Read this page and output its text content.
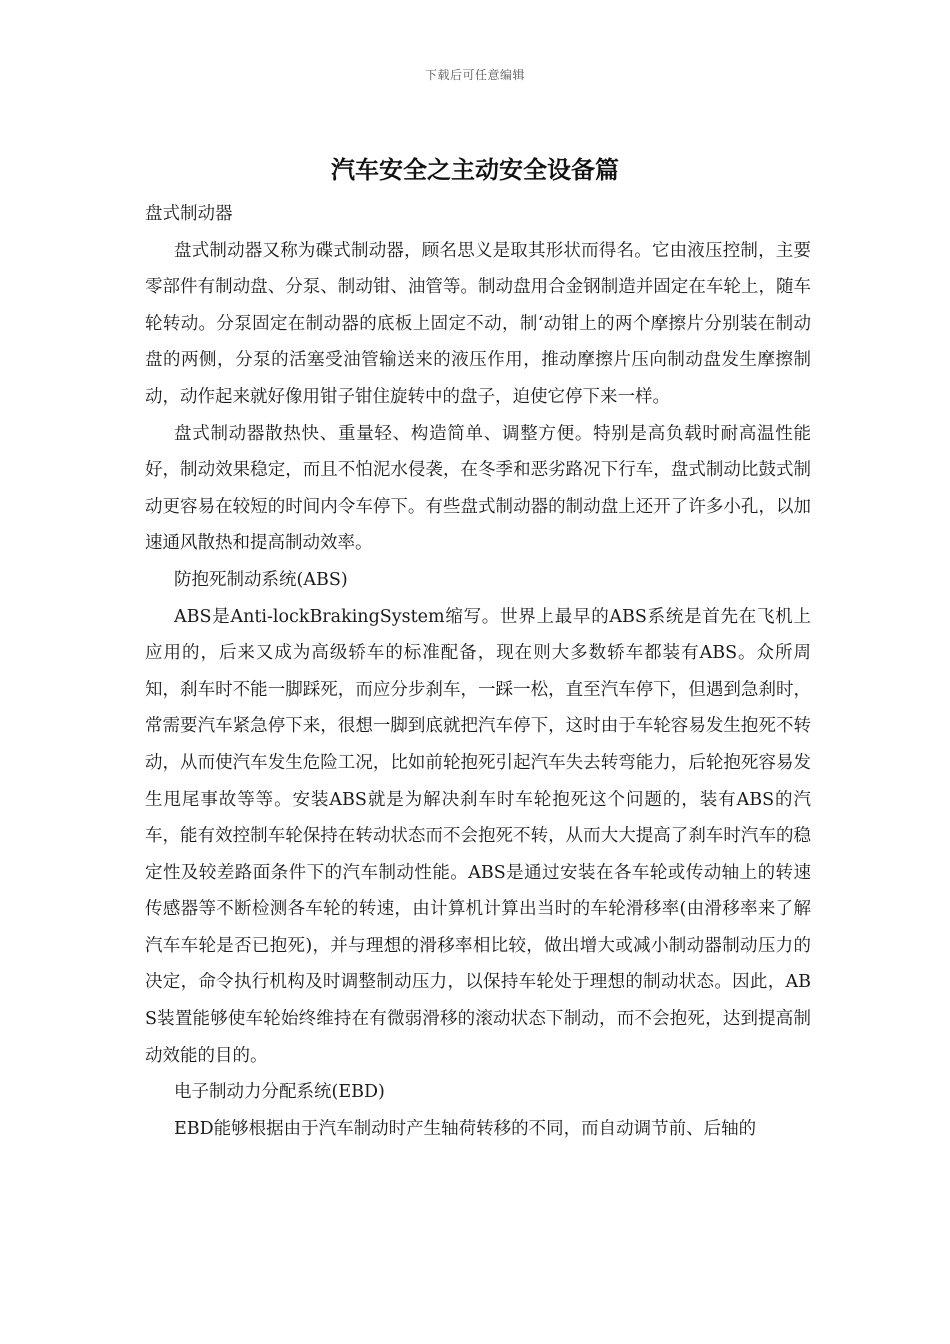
下载后可任意编辑
汽车安全之主动安全设备篇

盘式制动器

盘式制动器又称为碟式制动器，顾名思义是取其形状而得名。它由液压控制，主要零部件有制动盘、分泵、制动钳、油管等。制动盘用合金钢制造并固定在车轮上，随车轮转动。分泵固定在制动器的底板上固定不动，制‘动钳上的两个摩擦片分别装在制动盘的两侧，分泵的活塞受油管输送来的液压作用，推动摩擦片压向制动盘发生摩擦制动，动作起来就好像用钳子钳住旋转中的盘子，迫使它停下来一样。

盘式制动器散热快、重量轻、构造简单、调整方便。特别是高负载时耐高温性能好，制动效果稳定，而且不怕泥水侵袭，在冬季和恶劣路况下行车，盘式制动比鼓式制动更容易在较短的时间内令车停下。有些盘式制动器的制动盘上还开了许多小孔，以加速通风散热和提高制动效率。

防抱死制动系统(ABS)

ABS是Anti-lockBrakingSystem缩写。世界上最早的ABS系统是首先在飞机上应用的，后来又成为高级轿车的标准配备，现在则大多数轿车都装有ABS。众所周知，刹车时不能一脚踩死，而应分步刹车，一踩一松，直至汽车停下，但遇到急刹时，常需要汽车紧急停下来，很想一脚到底就把汽车停下，这时由于车轮容易发生抱死不转动，从而使汽车发生危险工况，比如前轮抱死引起汽车失去转弯能力，后轮抱死容易发生甩尾事故等等。安装ABS就是为解决刹车时车轮抱死这个问题的，装有ABS的汽车，能有效控制车轮保持在转动状态而不会抱死不转，从而大大提高了刹车时汽车的稳定性及较差路面条件下的汽车制动性能。ABS是通过安装在各车轮或传动轴上的转速传感器等不断检测各车轮的转速，由计算机计算出当时的车轮滑移率(由滑移率来了解汽车车轮是否已抱死)，并与理想的滑移率相比较，做出增大或减小制动器制动压力的决定，命令执行机构及时调整制动压力，以保持车轮处于理想的制动状态。因此，ABS装置能够使车轮始终维持在有微弱滑移的滚动状态下制动，而不会抱死，达到提高制动效能的目的。

电子制动力分配系统(EBD)

EBD能够根据由于汽车制动时产生轴荷转移的不同，而自动调节前、后轴的
